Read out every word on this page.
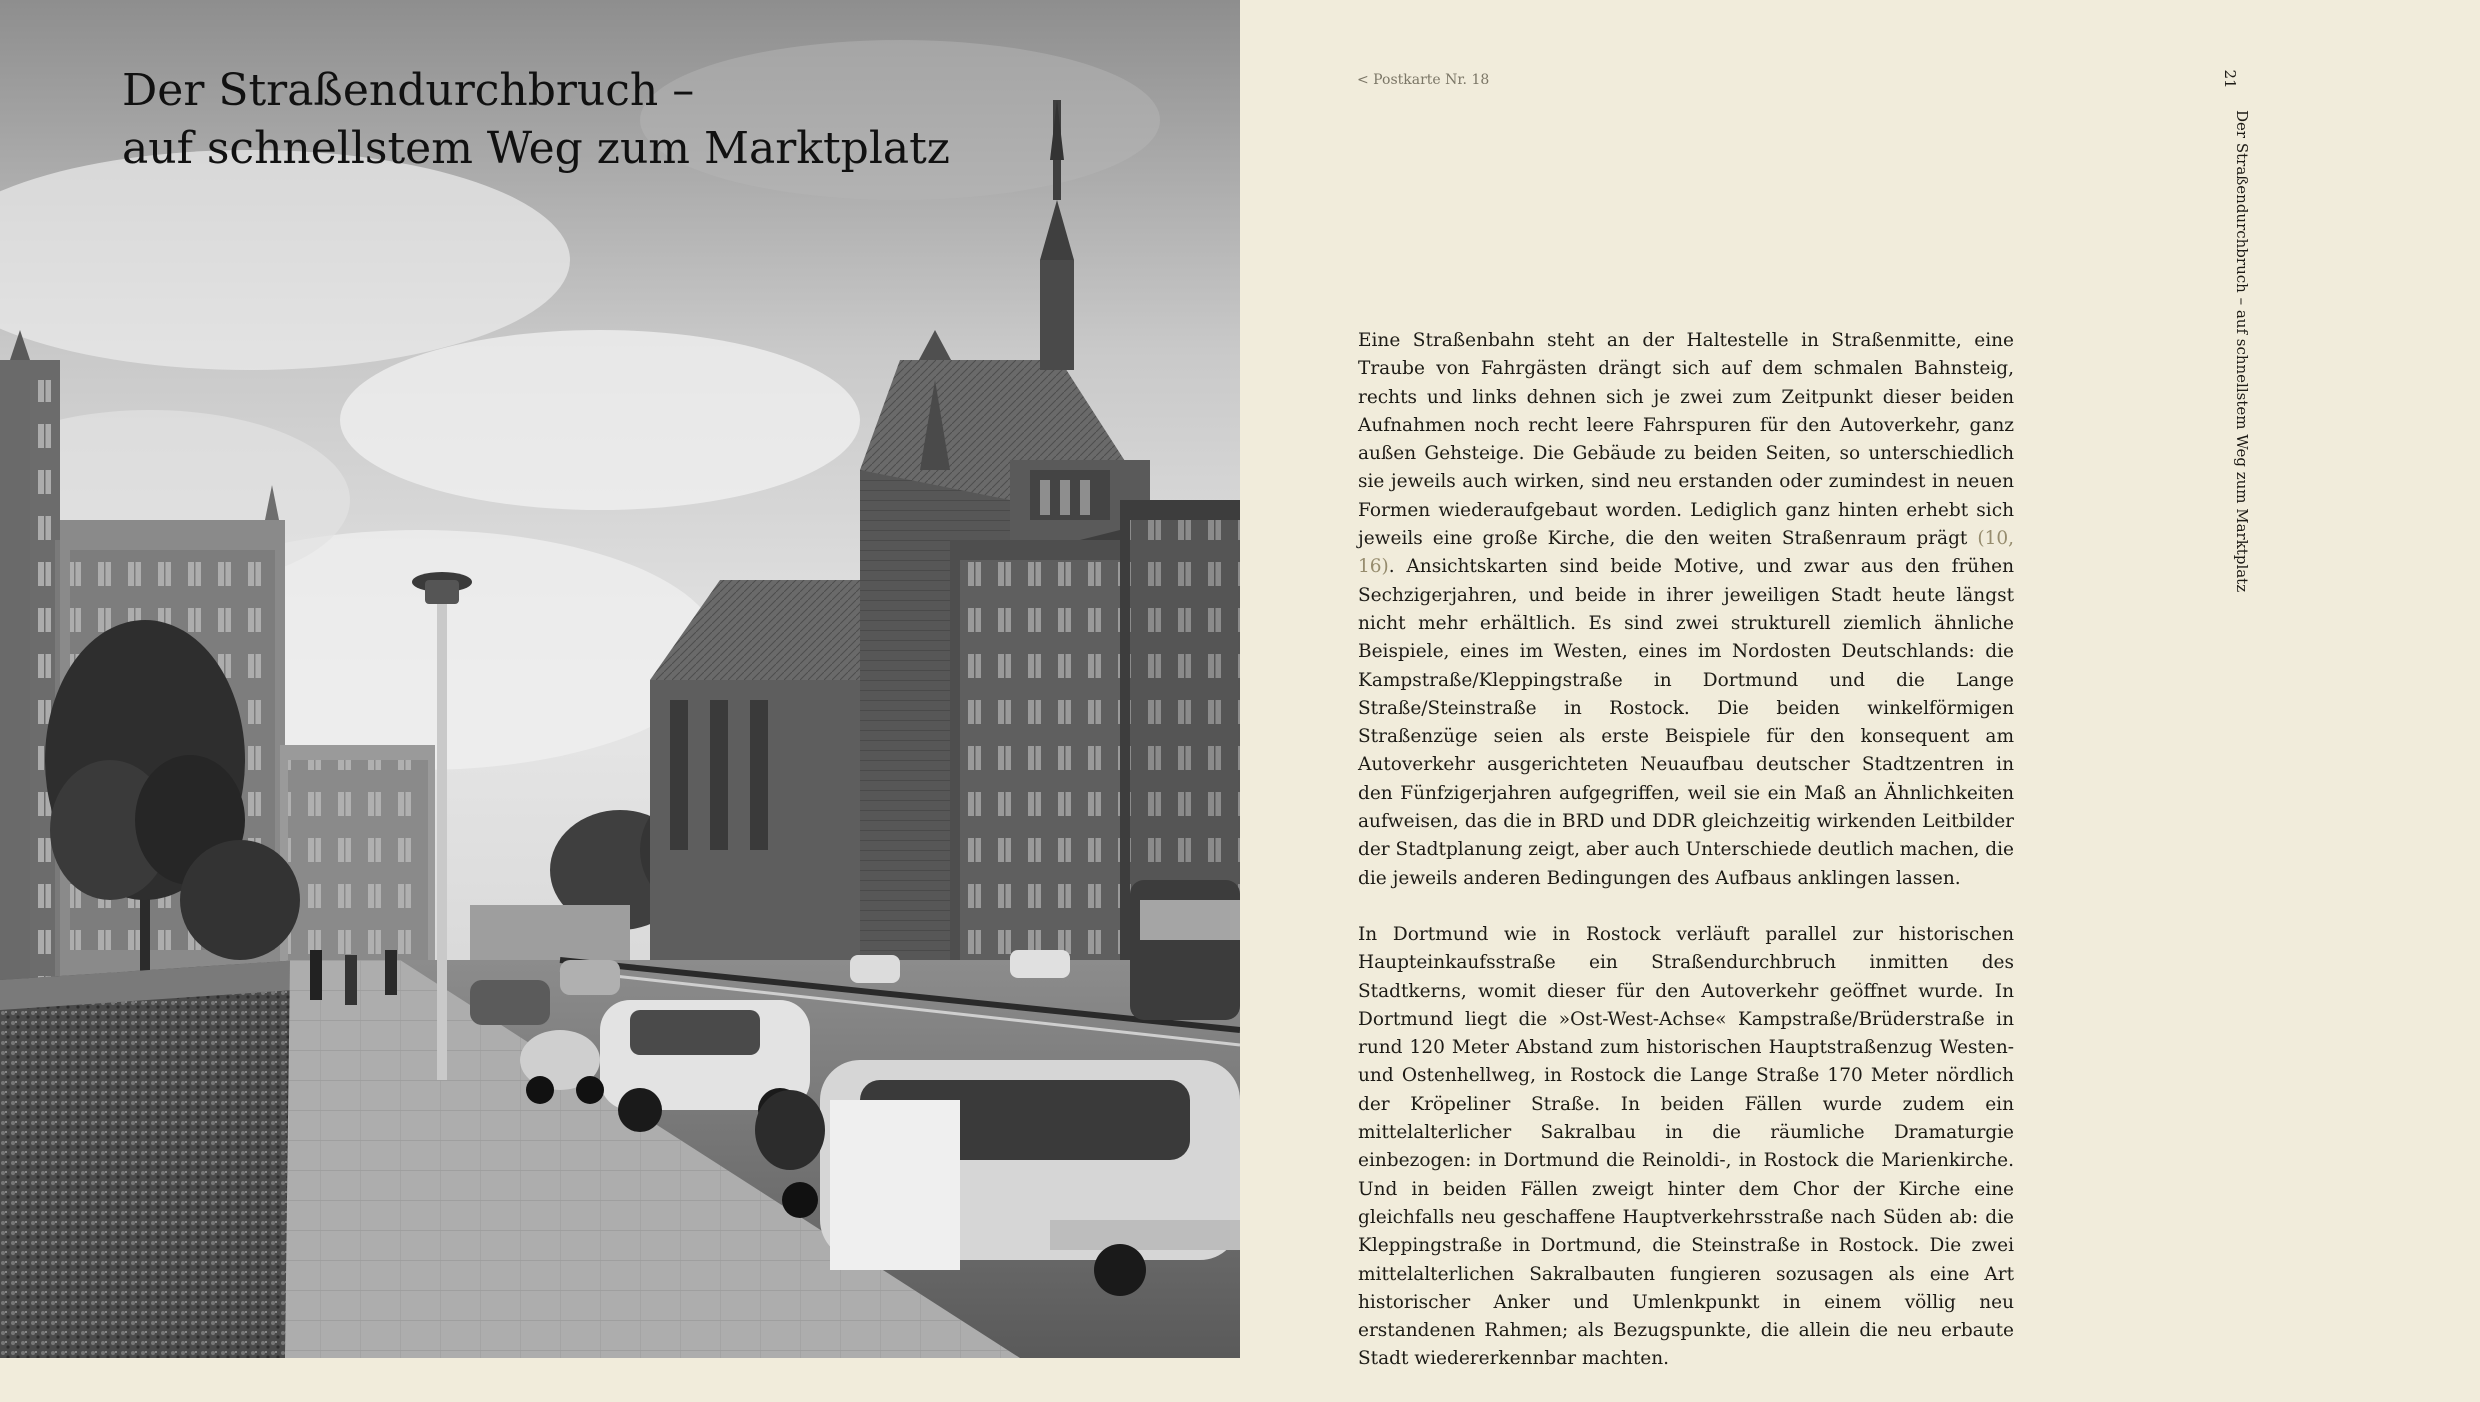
Der Straßendurchbruch –
auf schnellstem Weg zum Marktplatz
< Postkarte Nr. 18

Eine Straßenbahn steht an der Haltestelle in Straßenmitte, eine Traube von Fahrgästen drängt sich auf dem schmalen Bahnsteig, rechts und links dehnen sich je zwei zum Zeitpunkt dieser beiden Aufnahmen noch recht leere Fahrspuren für den Autoverkehr, ganz außen Gehsteige. Die Gebäude zu beiden Seiten, so unterschiedlich sie jeweils auch wirken, sind neu erstanden oder zumindest in neuen Formen wiederaufgebaut worden. Lediglich ganz hinten erhebt sich jeweils eine große Kirche, die den weiten Straßenraum prägt (10, 16). Ansichtskarten sind beide Motive, und zwar aus den frühen Sechzigerjahren, und beide in ihrer jeweiligen Stadt heute längst nicht mehr erhältlich. Es sind zwei strukturell ziemlich ähnliche Beispiele, eines im Westen, eines im Nordosten Deutschlands: die Kampstraße/Kleppingstraße in Dortmund und die Lange Straße/Steinstraße in Rostock. Die beiden winkelförmigen Straßenzüge seien als erste Beispiele für den konsequent am Autoverkehr ausgerichteten Neuaufbau deutscher Stadtzentren in den Fünfzigerjahren aufgegriffen, weil sie ein Maß an Ähnlichkeiten aufweisen, das die in BRD und DDR gleichzeitig wirkenden Leitbilder der Stadtplanung zeigt, aber auch Unterschiede deutlich machen, die die jeweils anderen Bedingungen des Aufbaus anklingen lassen.

In Dortmund wie in Rostock verläuft parallel zur historischen Haupteinkaufsstraße ein Straßendurchbruch inmitten des Stadtkerns, womit dieser für den Autoverkehr geöffnet wurde. In Dortmund liegt die »Ost-West-Achse« Kampstraße/Brüderstraße in rund 120 Meter Abstand zum historischen Hauptstraßenzug Westen- und Ostenhellweg, in Rostock die Lange Straße 170 Meter nördlich der Kröpeliner Straße. In beiden Fällen wurde zudem ein mittelalterlicher Sakralbau in die räumliche Dramaturgie einbezogen: in Dortmund die Reinoldi-, in Rostock die Marienkirche. Und in beiden Fällen zweigt hinter dem Chor der Kirche eine gleichfalls neu geschaffene Hauptverkehrsstraße nach Süden ab: die Kleppingstraße in Dortmund, die Steinstraße in Rostock. Die zwei mittelalterlichen Sakralbauten fungieren sozusagen als eine Art historischer Anker und Umlenkpunkt in einem völlig neu erstandenen Rahmen; als Bezugspunkte, die allein die neu erbaute Stadt wiedererkennbar machten.

21
Der Straßendurchbruch – auf schnellstem Weg zum Marktplatz
